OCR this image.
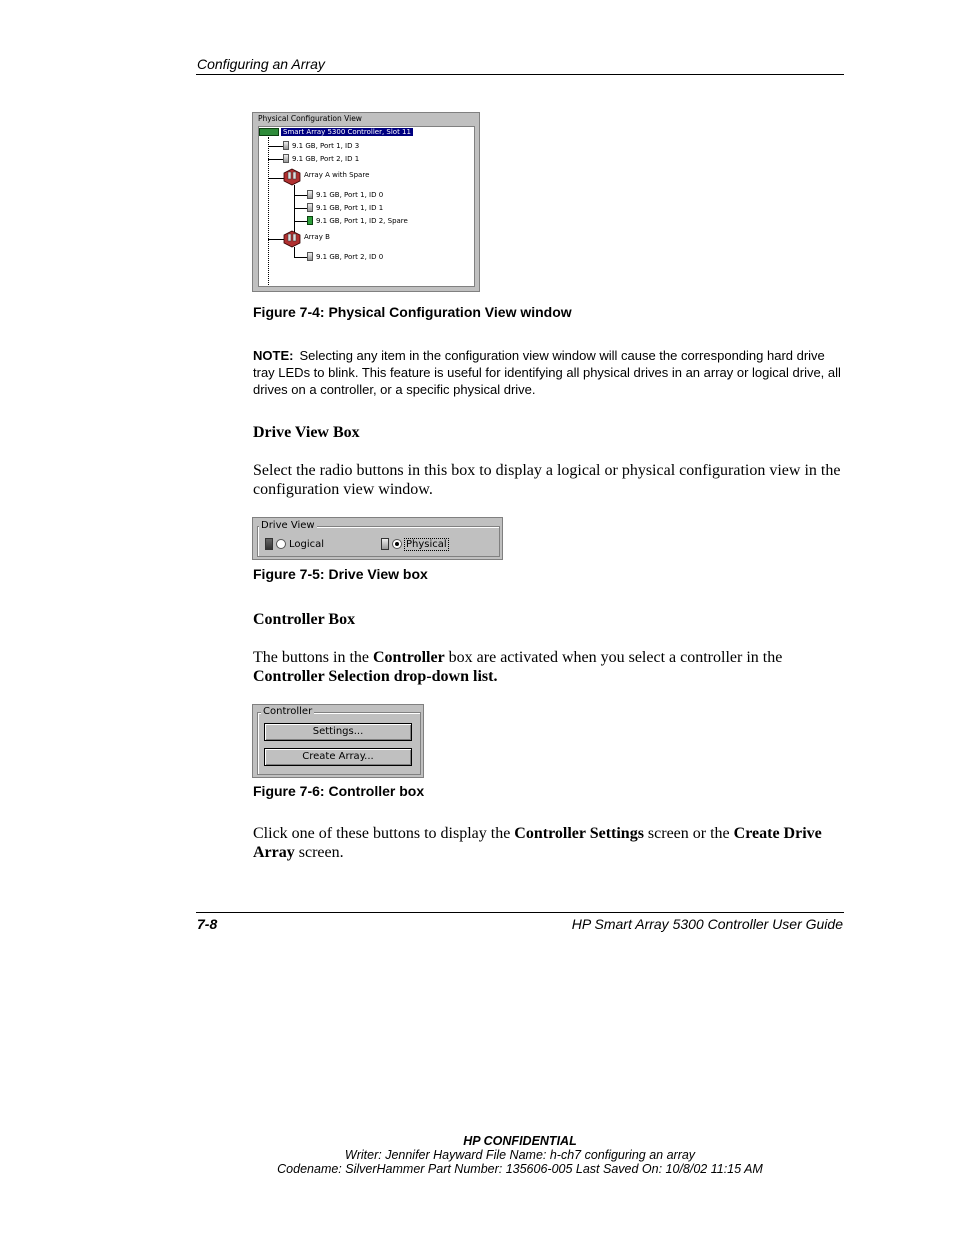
Configuring an Array
Physical Configuration View
Smart Array 5300 Controller, Slot 11
9.1 GB, Port 1, ID 3
9.1 GB, Port 2, ID 1
Array A with Spare
9.1 GB, Port 1, ID 0
9.1 GB, Port 1, ID 1
9.1 GB, Port 1, ID 2, Spare
Array B
9.1 GB, Port 2, ID 0
Figure 7-4: Physical Configuration View window
NOTE: Selecting any item in the configuration view window will cause the corresponding hard drive tray LEDs to blink. This feature is useful for identifying all physical drives in an array or logical drive, all drives on a controller, or a specific physical drive.
Drive View Box
Select the radio buttons in this box to display a logical or physical configuration view in the configuration view window.
Drive View
Logical	Physical
Figure 7-5: Drive View box
Controller Box
The buttons in the Controller box are activated when you select a controller in the Controller Selection drop-down list.
Controller
Settings...
Create Array...
Figure 7-6: Controller box
Click one of these buttons to display the Controller Settings screen or the Create Drive Array screen.
7-8	HP Smart Array 5300 Controller User Guide
HP CONFIDENTIAL
Writer: Jennifer Hayward File Name: h-ch7 configuring an array
Codename: SilverHammer Part Number: 135606-005 Last Saved On: 10/8/02 11:15 AM
